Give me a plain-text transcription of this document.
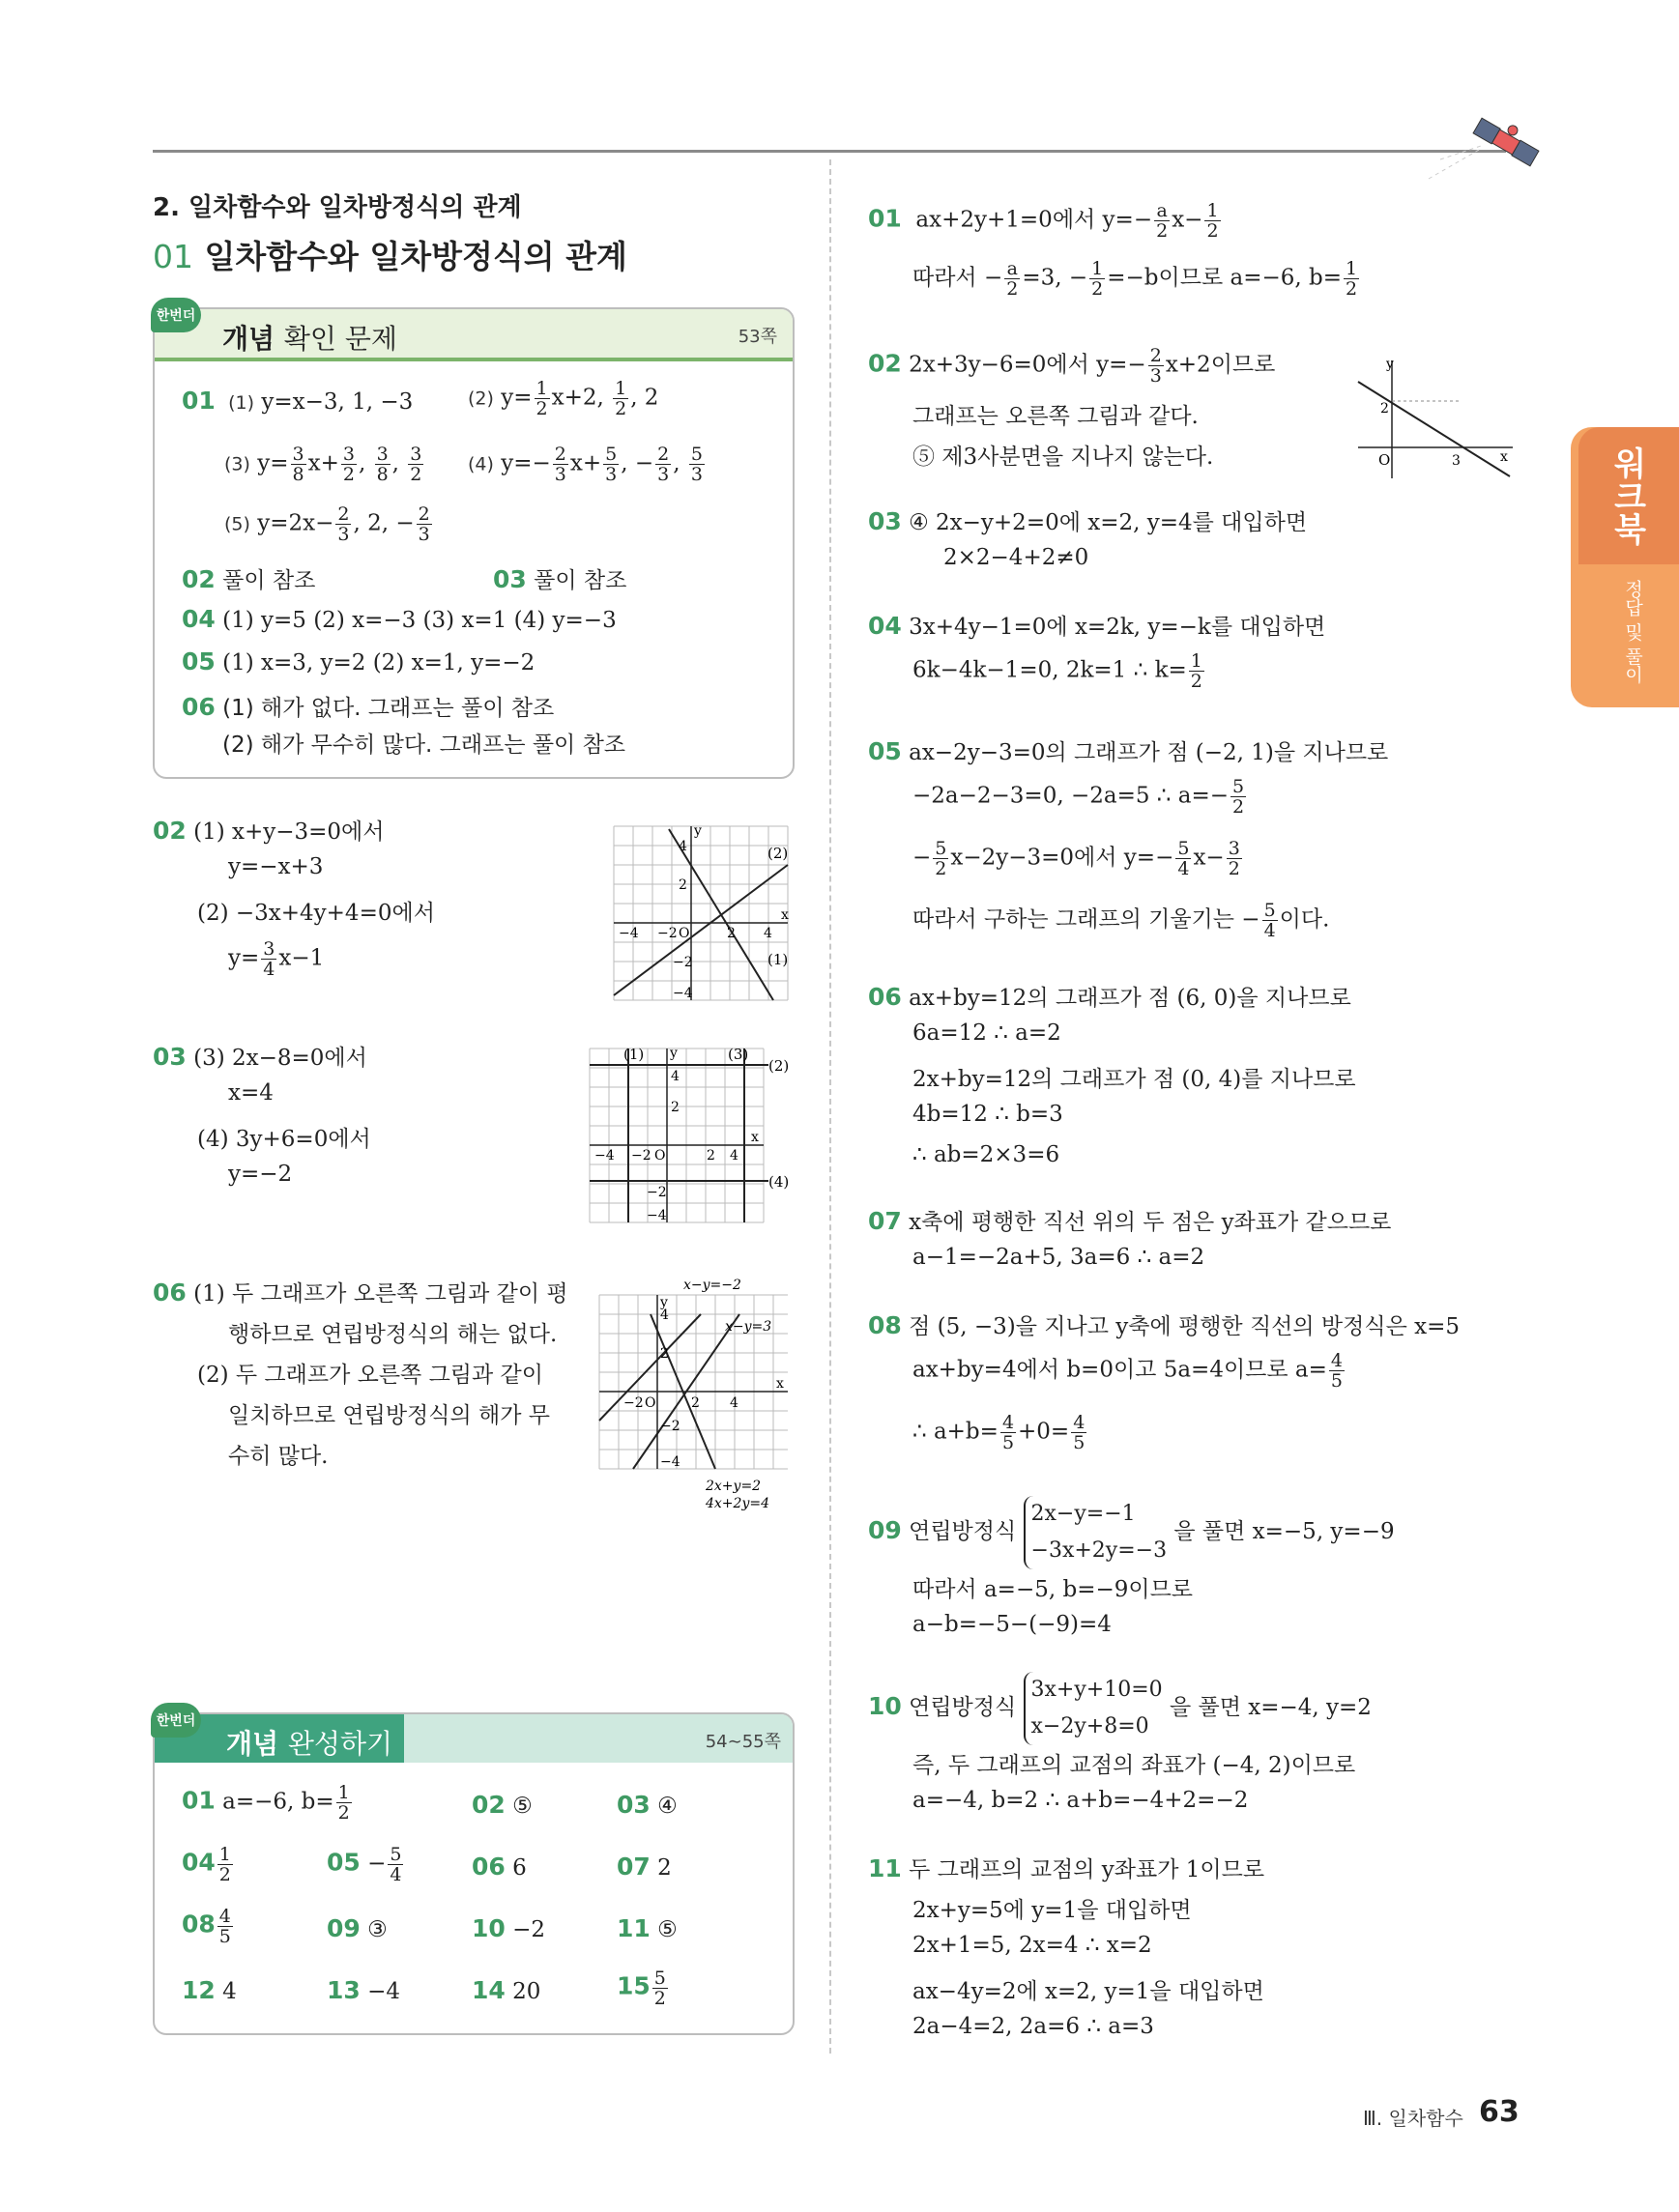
워크북
정답 및 풀이
2. 일차함수와 일차방정식의 관계
01 일차함수와 일차방정식의 관계
개념 확인 문제	53쪽
한번더
01 (1) y=x−3, 1, −3	(2) $y= \frac{1}{2} x+2$, $\frac{1}{2}$ , 2
(3) $y= \frac{3}{8} x+ \frac{3}{2}$ , $\frac{3}{8}$ , $\frac{3}{2} (4)$ $y=- \frac{2}{3} x+ \frac{5}{3}$ , − $\frac{2}{3}$ , $\frac{5}{3}$
(5) $y=2x- \frac{2}{3}$ , 2, − $\frac{2}{3}$
02 풀이 참조	03 풀이 참조
04 (1) y=5 (2) x=−3 (3) x=1 (4) y=−3
05 (1) x=3, y=2 (2) x=1, y=−2
06 (1) 해가 없다. 그래프는 풀이 참조
(2) 해가 무수히 많다. 그래프는 풀이 참조
02 (1) x+y−3=0에서
y=−x+3
(2) −3x+4y+4=0에서
$y= \frac{3}{4} x-1$
03 (3) 2x−8=0에서
x=4
(4) 3y+6=0에서
y=−2
06 (1) 두 그래프가 오른쪽 그림과 같이 평
행하므로 연립방정식의 해는 없다.
(2) 두 그래프가 오른쪽 그림과 같이
일치하므로 연립방정식의 해가 무
수히 많다.
y
x
−4 −2 O	2 4
2
4
−2
−4
(2)
(1)
y
x
−4 −2 O	2 4
2
4
−2
−4
(1)	(3)
(2)
(4)
y
x
−2 O	2 4
2
4
−2
−4
x−y=−2
x−y=3
2x+y=2
4x+2y=4
개념 완성하기	54∼55쪽
한번더
01 a=−6, $b= \frac{1}{2}$	02 ⑤	03 ④
$04 \frac{1}{2}$	$05 - \frac{5}{4}$	06 6	07 2
$08 \frac{4}{5}$	09 ③	10 −2	11 ⑤
12 4	13 −4	14 20	$15 \frac{5}{2}$
01 ax+2y+1=0에서 $y=- \frac{a}{2} x- \frac{1}{2}$
따라서 − $\frac{a}{2} =3$, − $\frac{1}{2} =-b$이므로 a=−6, $b= \frac{1}{2}$
02 2x+3y−6=0에서 $y=- \frac{2}{3} x+2$이므로
그래프는 오른쪽 그림과 같다.
⑤ 제3사분면을 지나지 않는다.
y
x
O
2
3
03 ④ 2x−y+2=0에 x=2, y=4를 대입하면
2×2−4+2≠0
04 3x+4y−1=0에 x=2k, y=−k를 대입하면
6k−4k−1=0, 2k=1 ∴ $k= \frac{1}{2}$
05 ax−2y−3=0의 그래프가 점 (−2, 1)을 지나므로
−2a−2−3=0, −2a=5 ∴ $a=- \frac{5}{2}$
− $\frac{5}{2} x-2y-3=0$에서 $y=- \frac{5}{4} x- \frac{3}{2}$
따라서 구하는 그래프의 기울기는 − $\frac{5}{4}$ 이다.
06 ax+by=12의 그래프가 점 (6, 0)을 지나므로
6a=12 ∴ a=2
2x+by=12의 그래프가 점 (0, 4)를 지나므로
4b=12 ∴ b=3
∴ ab=2×3=6
07 x축에 평행한 직선 위의 두 점은 y좌표가 같으므로
a−1=−2a+5, 3a=6 ∴ a=2
08 점 (5, −3)을 지나고 y축에 평행한 직선의 방정식은 x=5
ax+by=4에서 b=0이고 5a=4이므로 $a= \frac{4}{5}$
∴ $a+b= \frac{4}{5} +0= \frac{4}{5}$
09 연립방정식
2x−y=−1
−3x+2y=−3
을 풀면 x=−5, y=−9
따라서 a=−5, b=−9이므로
a−b=−5−(−9)=4
10 연립방정식
3x+y+10=0
x−2y+8=0
을 풀면 x=−4, y=2
즉, 두 그래프의 교점의 좌표가 (−4, 2)이므로
a=−4, b=2 ∴ a+b=−4+2=−2
11 두 그래프의 교점의 y좌표가 1이므로
2x+y=5에 y=1을 대입하면
2x+1=5, 2x=4 ∴ x=2
ax−4y=2에 x=2, y=1을 대입하면
2a−4=2, 2a=6 ∴ a=3
Ⅲ. 일차함수 63
